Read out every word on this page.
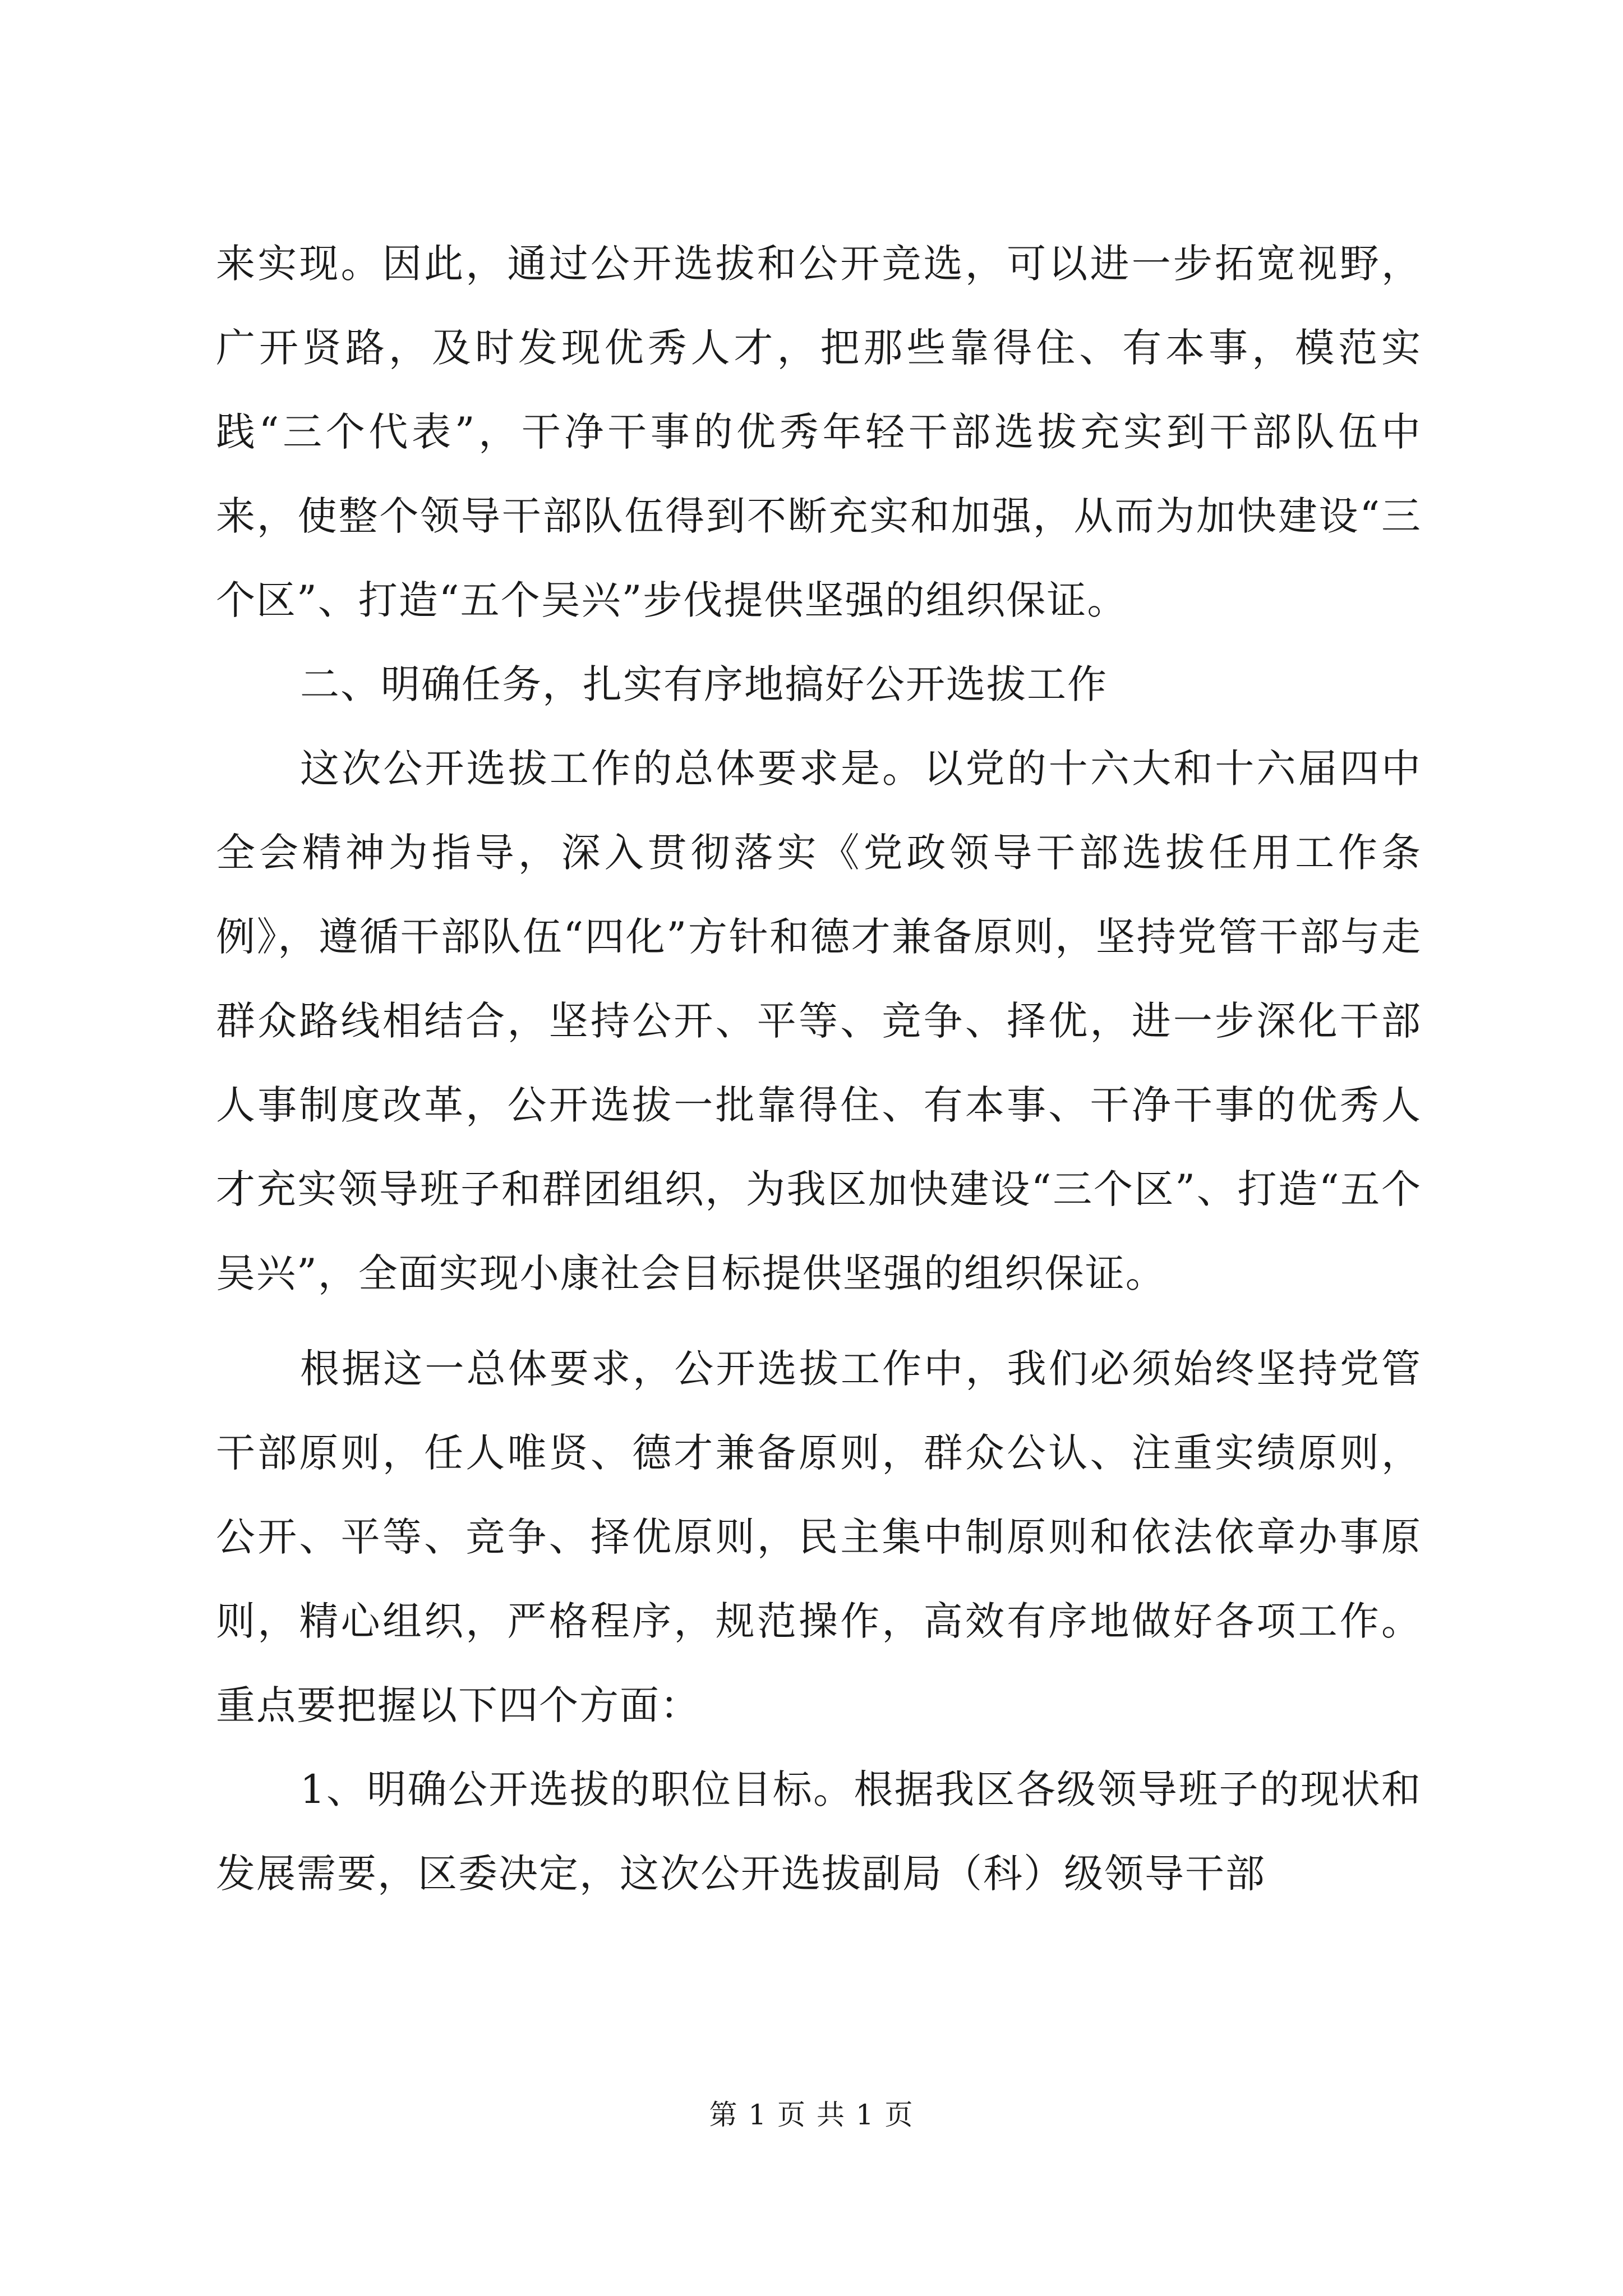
来实现。因此，通过公开选拔和公开竞选，可以进一步拓宽视野，广开贤路，及时发现优秀人才，把那些靠得住、有本事，模范实践“三个代表”，干净干事的优秀年轻干部选拔充实到干部队伍中来，使整个领导干部队伍得到不断充实和加强，从而为加快建设“三个区”、打造“五个吴兴”步伐提供坚强的组织保证。

二、明确任务，扎实有序地搞好公开选拔工作

这次公开选拔工作的总体要求是。以党的十六大和十六届四中全会精神为指导，深入贯彻落实《党政领导干部选拔任用工作条例》，遵循干部队伍“四化”方针和德才兼备原则，坚持党管干部与走群众路线相结合，坚持公开、平等、竞争、择优，进一步深化干部人事制度改革，公开选拔一批靠得住、有本事、干净干事的优秀人才充实领导班子和群团组织，为我区加快建设“三个区”、打造“五个吴兴”，全面实现小康社会目标提供坚强的组织保证。

根据这一总体要求，公开选拔工作中，我们必须始终坚持党管干部原则，任人唯贤、德才兼备原则，群众公认、注重实绩原则，公开、平等、竞争、择优原则，民主集中制原则和依法依章办事原则，精心组织，严格程序，规范操作，高效有序地做好各项工作。重点要把握以下四个方面：

1、明确公开选拔的职位目标。根据我区各级领导班子的现状和发展需要，区委决定，这次公开选拔副局（科）级领导干部

第 1 页 共 1 页
